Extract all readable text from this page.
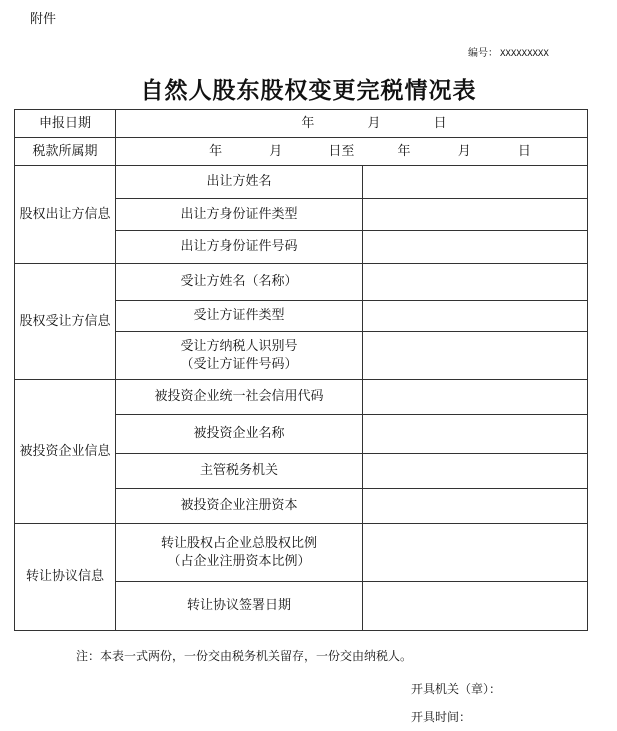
附件
编号： XXXXXXXXX
自然人股东股权变更完税情况表
申报日期	年 月 日	
税款所属期	年 月 日至 年 月 日	
股权出让方信息	出让方姓名	
	出让方身份证件类型	
	出让方身份证件号码	
股权受让方信息	受让方姓名（名称）	
	受让方证件类型	

	受让方纳税人识别号
（受让方证件号码）	

被投资企业信息	被投资企业统一社会信用代码	
	被投资企业名称	
	主管税务机关	
	被投资企业注册资本	
转让协议信息	转让股权占企业总股权比例
（占企业注册资本比例）	

	转让协议签署日期	
注：本表一式两份，一份交由税务机关留存，一份交由纳税人。
开具机关（章）：
开具时间：
